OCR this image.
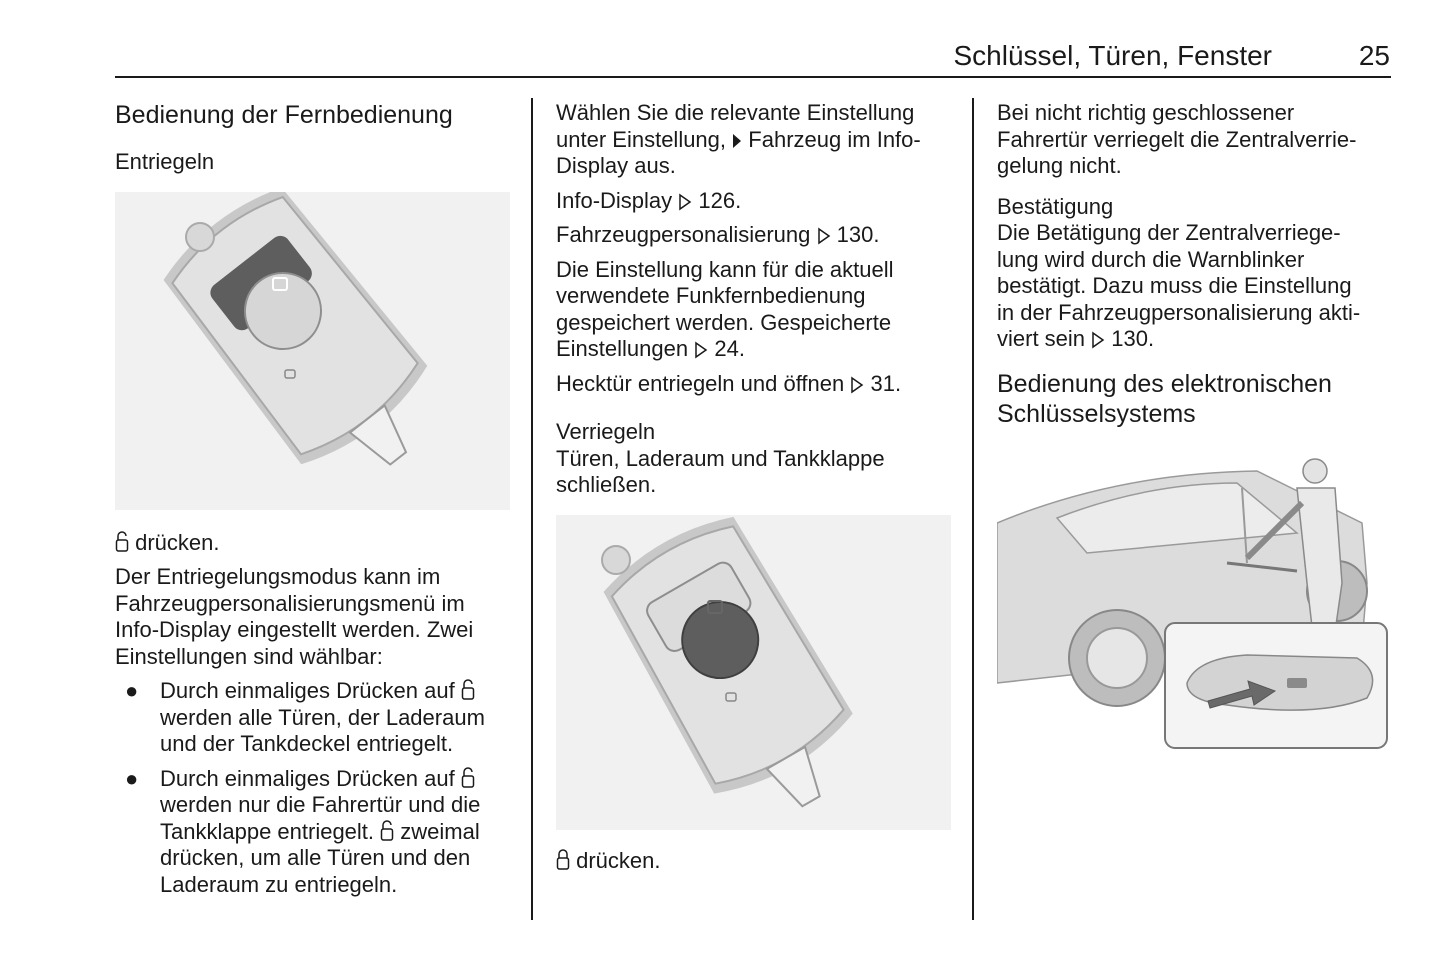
Schlüssel, Türen, Fenster	25
Bedienung der Fernbedienung
Entriegeln

drücken.

Der Entriegelungsmodus kann im
Fahrzeugpersonalisierungsmenü im
Info-Display eingestellt werden. Zwei
Einstellungen sind wählbar:

● Durch einmaliges Drücken auf
werden alle Türen, der Laderaum
und der Tankdeckel entriegelt.
● Durch einmaliges Drücken auf
werden nur die Fahrertür und die
Tankklappe entriegelt. zweimal
drücken, um alle Türen und den
Laderaum zu entriegeln.

Wählen Sie die relevante Einstellung
unter Einstellung, Fahrzeug im Info-
Display aus.

Info-Display 126.

Fahrzeugpersonalisierung 130.

Die Einstellung kann für die aktuell
verwendete Funkfernbedienung
gespeichert werden. Gespeicherte
Einstellungen 24.

Hecktür entriegeln und öffnen 31.

Verriegeln

Türen, Laderaum und Tankklappe
schließen.

drücken.

Bei nicht richtig geschlossener
Fahrertür verriegelt die Zentralverrie-
gelung nicht.

Bestätigung

Die Betätigung der Zentralverriege-
lung wird durch die Warnblinker
bestätigt. Dazu muss die Einstellung
in der Fahrzeugpersonalisierung akti-
viert sein 130.

Bedienung des elektronischen
Schlüsselsystems
